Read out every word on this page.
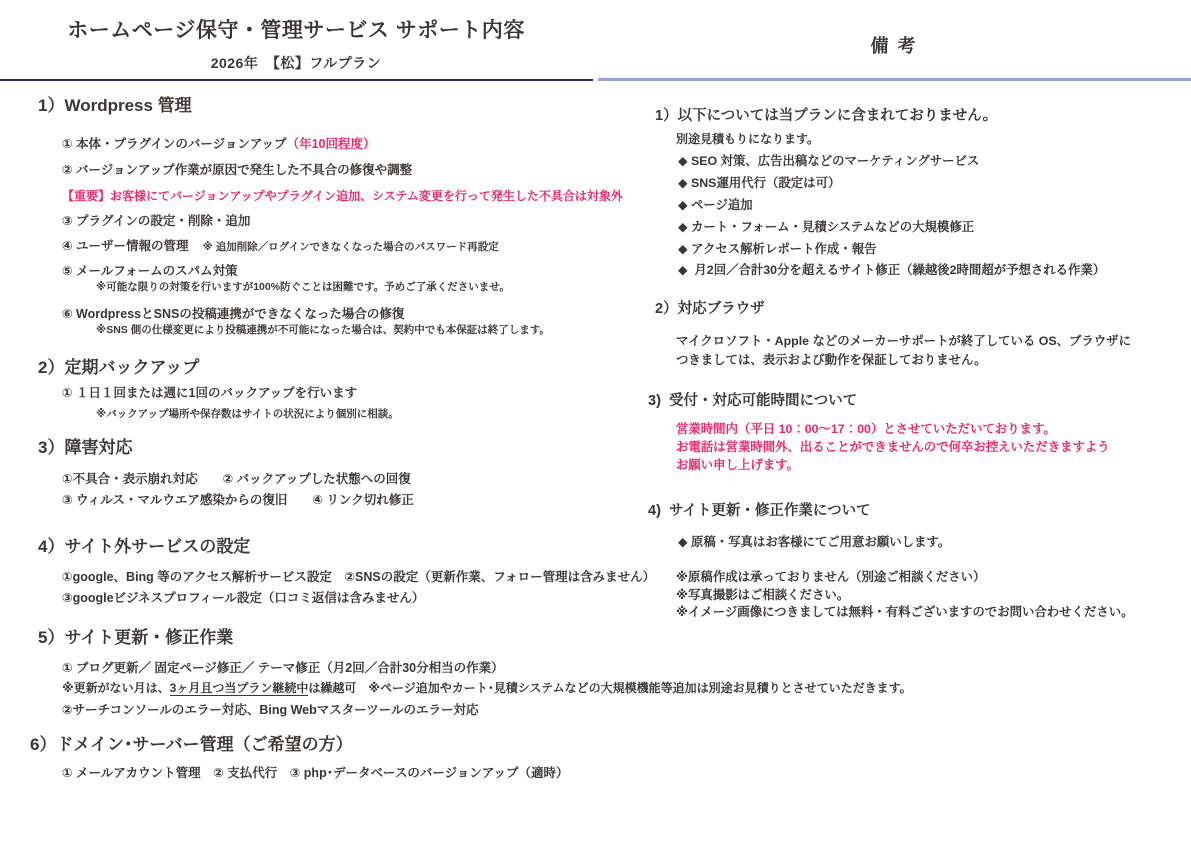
ホームページ保守・管理サービス サポート内容
2026年　【松】フルプラン
備 考
1）Wordpress 管理
① 本体・プラグインのバージョンアップ（年10回程度）
② バージョンアップ作業が原因で発生した不具合の修復や調整
【重要】お客様にてバージョンアップやプラグイン追加、システム変更を行って発生した不具合は対象外
③ プラグインの設定・削除・追加
④ ユーザー情報の管理 ※ 追加削除／ログインできなくなった場合のパスワード再設定
⑤ メールフォームのスパム対策
※可能な限りの対策を行いますが100%防ぐことは困難です。予めご了承くださいませ。
⑥ WordpressとSNSの投稿連携ができなくなった場合の修復
※SNS 側の仕様変更により投稿連携が不可能になった場合は、契約中でも本保証は終了します。
2）定期バックアップ
① １日１回または週に1回のバックアップを行います
※バックアップ場所や保存数はサイトの状況により個別に相談。
3）障害対応
①不具合・表示崩れ対応　　② バックアップした状態への回復
③ ウィルス・マルウエア感染からの復旧　　④ リンク切れ修正
4）サイト外サービスの設定
①google、Bing 等のアクセス解析サービス設定　②SNSの設定（更新作業、フォロー管理は含みません）
③googleビジネスプロフィール設定（口コミ返信は含みません）
5）サイト更新・修正作業
① ブログ更新／ 固定ページ修正／ テーマ修正（月2回／合計30分相当の作業）
※更新がない月は、3ヶ月且つ当プラン継続中は繰越可　※ページ追加やカート･見積システムなどの大規模機能等追加は別途お見積りとさせていただきます。
②サーチコンソールのエラー対応、Bing Webマスターツールのエラー対応
6）ドメイン･サーバー管理（ご希望の方）
① メールアカウント管理　② 支払代行　③ php･データベースのバージョンアップ（適時）
1）以下については当プランに含まれておりません。
別途見積もりになります。
◆ SEO 対策、広告出稿などのマーケティングサービス
◆ SNS運用代行（設定は可）
◆ ページ追加
◆ カート・フォーム・見積システムなどの大規模修正
◆ アクセス解析レポート作成・報告
◆  月2回／合計30分を超えるサイト修正（繰越後2時間超が予想される作業）
2）対応ブラウザ
マイクロソフト・Apple などのメーカーサポートが終了している OS、ブラウザに
つきましては、表示および動作を保証しておりません。
3)  受付・対応可能時間について
営業時間内（平日 10：00～17：00）とさせていただいております。
お電話は営業時間外、出ることができませんので何卒お控えいただきますよう
お願い申し上げます。
4)  サイト更新・修正作業について
◆ 原稿・写真はお客様にてご用意お願いします。
※原稿作成は承っておりません（別途ご相談ください）
※写真撮影はご相談ください。
※イメージ画像につきましては無料・有料ございますのでお問い合わせください。
